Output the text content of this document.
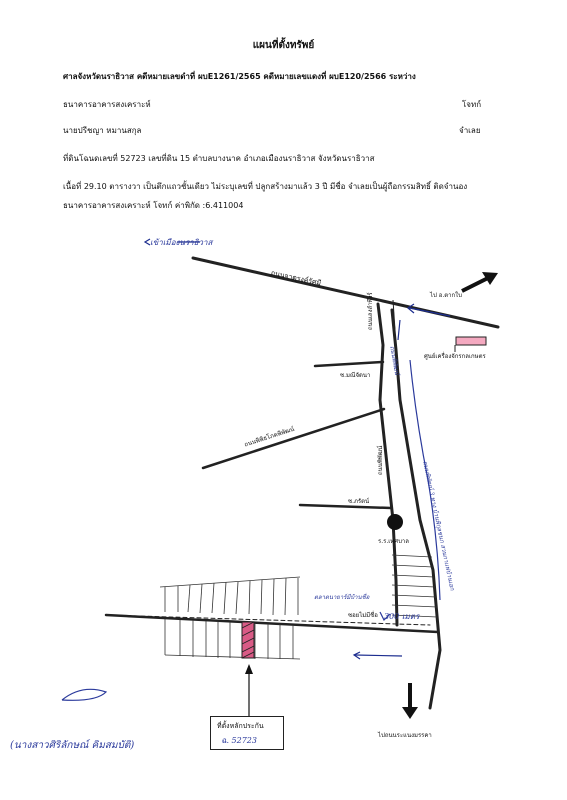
แผนที่ตั้งทรัพย์
ศาลจังหวัดนราธิวาส คดีหมายเลขดำที่ ผบE1261/2565 คดีหมายเลขแดงที่ ผบE120/2566 ระหว่าง
ธนาคารอาคารสงเคราะห์	โจทก์
นายปรีชญา หมานสกุล	จำเลย
ที่ดินโฉนดเลขที่ 52723 เลขที่ดิน 15 ตำบลบางนาค อำเภอเมืองนราธิวาส จังหวัดนราธิวาส
เนื้อที่ 29.10 ตารางวา เป็นตึกแถวชั้นเดียว ไม่ระบุเลขที่ ปลูกสร้างมาแล้ว 3 ปี มีชื่อ จำเลยเป็นผู้ถือกรรมสิทธิ์ ติดจำนอง
ธนาคารอาคารสงเคราะห์ โจทก์ ค่าพิกัด :6.411004
เข้าเมืองนราธิวาส
ถนนจาตุรงค์รัศมี
ไป อ.ตากใบ
ศูนย์เครื่องจักรกลเกษตร
ถนนเลงลำพึงร์
ซ.มณีจัดนา
ถนนพิพิธโภคพิพัฒน์
ถนนพิพัฒน์
ซ.ภรัตน์
ร.ร.เทศบาล
ซอยไม่มีชื่อ
ตลาดนายาร์มีบ้านชื่อ
300 เมตร
ถนนพิพัฒน์
ถนนพิพัฒน์ 3 ทาง บ้านพิกุลชนก สวนกาแฟบ้านเอก
ไปถนนระแนงมรรคา
ที่ตั้งหลักประกัน
ฉ. 52723
(นางสาวศิริลักษณ์ คิมสมบัติ)
